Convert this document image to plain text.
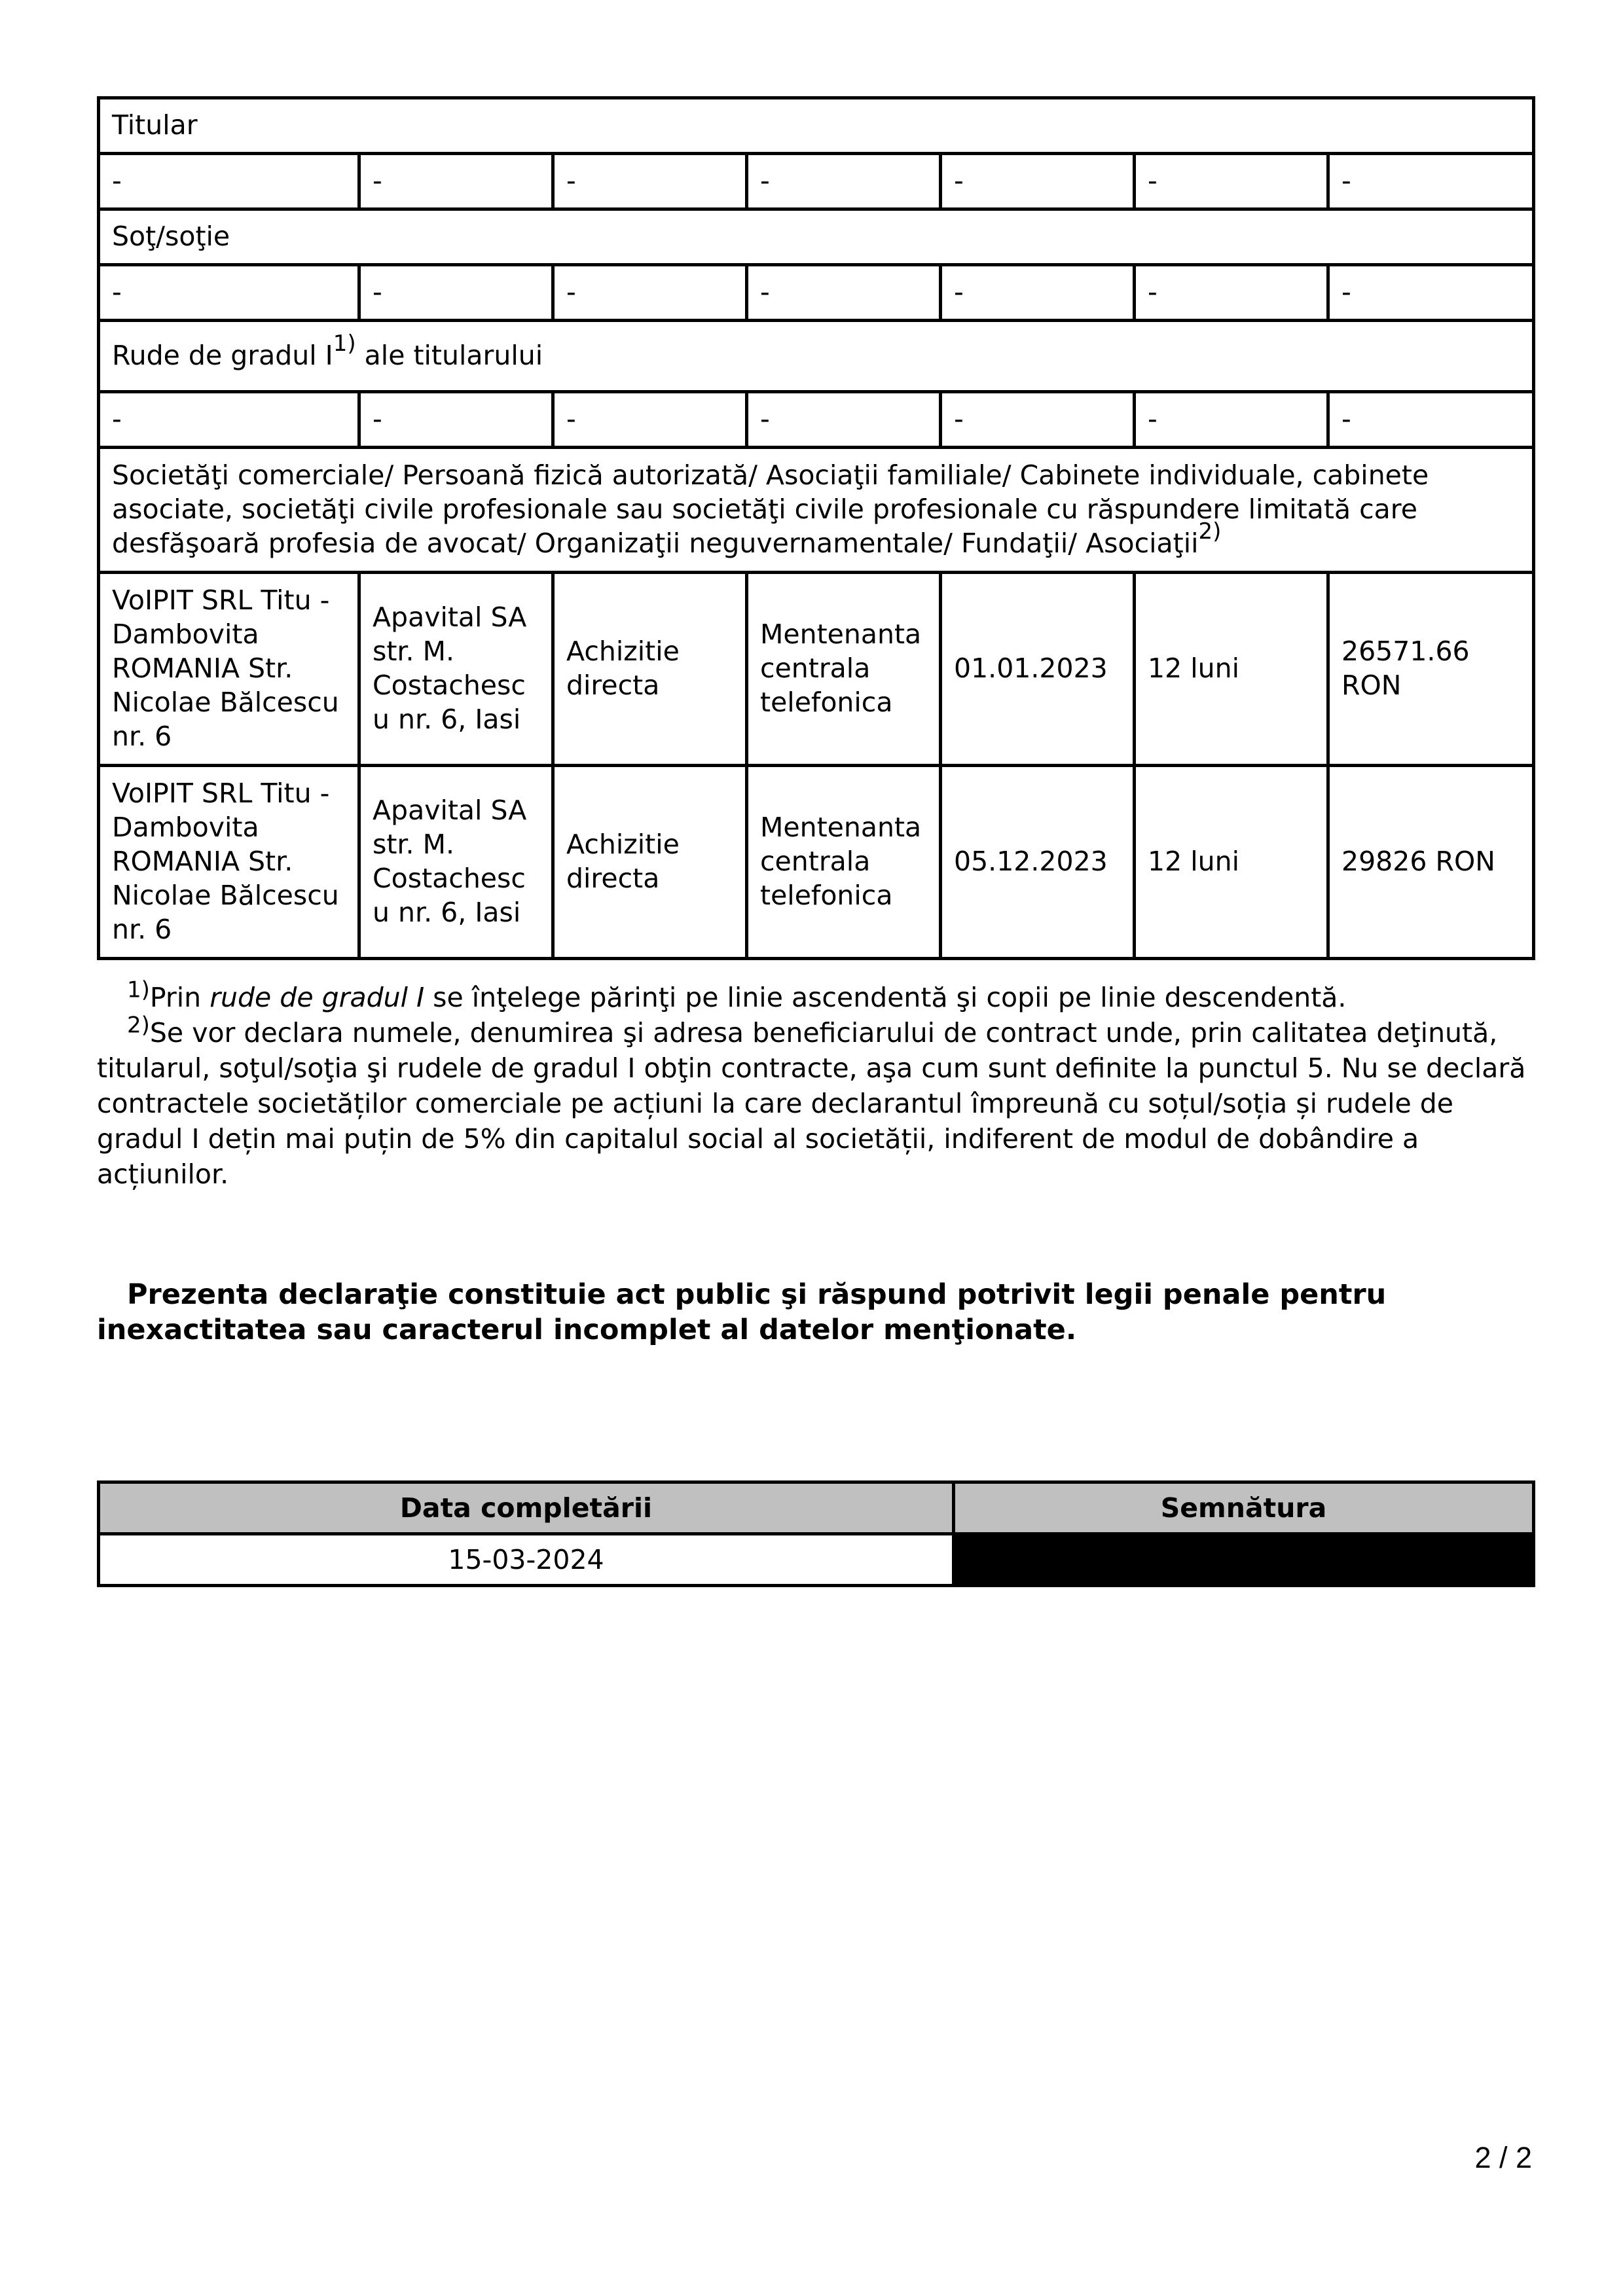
Titular						
-	-	-	-	-	-	-
Soţ/soţie						
-	-	-	-	-	-	-
Rude de gradul I$^{1)}$ ale titularului						
-	-	-	-	-	-	-
Societăţi comerciale/ Persoană fizică autorizată/ Asociaţii familiale/ Cabinete individuale, cabinete asociate, societăţi civile profesionale sau societăţi civile profesionale cu răspundere limitată care desfăşoară profesia de avocat/ Organizaţii neguvernamentale/ Fundaţii/ Asociaţii$^{2)}$
VoIPIT SRL Titu - Dambovita ROMANIA Str. Nicolae Bălcescu nr. 6	Apavital SA str. M. Costachescu nr. 6, Iasi	Achizitie directa	Mentenanta centrala telefonica	01.01.2023	12 luni	26571.66 RON
VoIPIT SRL Titu - Dambovita ROMANIA Str. Nicolae Bălcescu nr. 6	Apavital SA str. M. Costachescu nr. 6, Iasi	Achizitie directa	Mentenanta centrala telefonica	05.12.2023	12 luni	29826 RON

$^{1)}$Prin rude de gradul I se înţelege părinţi pe linie ascendentă şi copii pe linie descendentă.

$^{2)}$Se vor declara numele, denumirea şi adresa beneficiarului de contract unde, prin calitatea deţinută, titularul, soţul/soţia şi rudele de gradul I obţin contracte, aşa cum sunt definite la punctul 5. Nu se declară contractele societăților comerciale pe acțiuni la care declarantul împreună cu soțul/soția și rudele de gradul I dețin mai puțin de 5% din capitalul social al societății, indiferent de modul de dobândire a acțiunilor.

Prezenta declaraţie constituie act public şi răspund potrivit legii penale pentru inexactitatea sau caracterul incomplet al datelor menţionate.
Data completării	Semnătura
15-03-2024	
2 / 2
